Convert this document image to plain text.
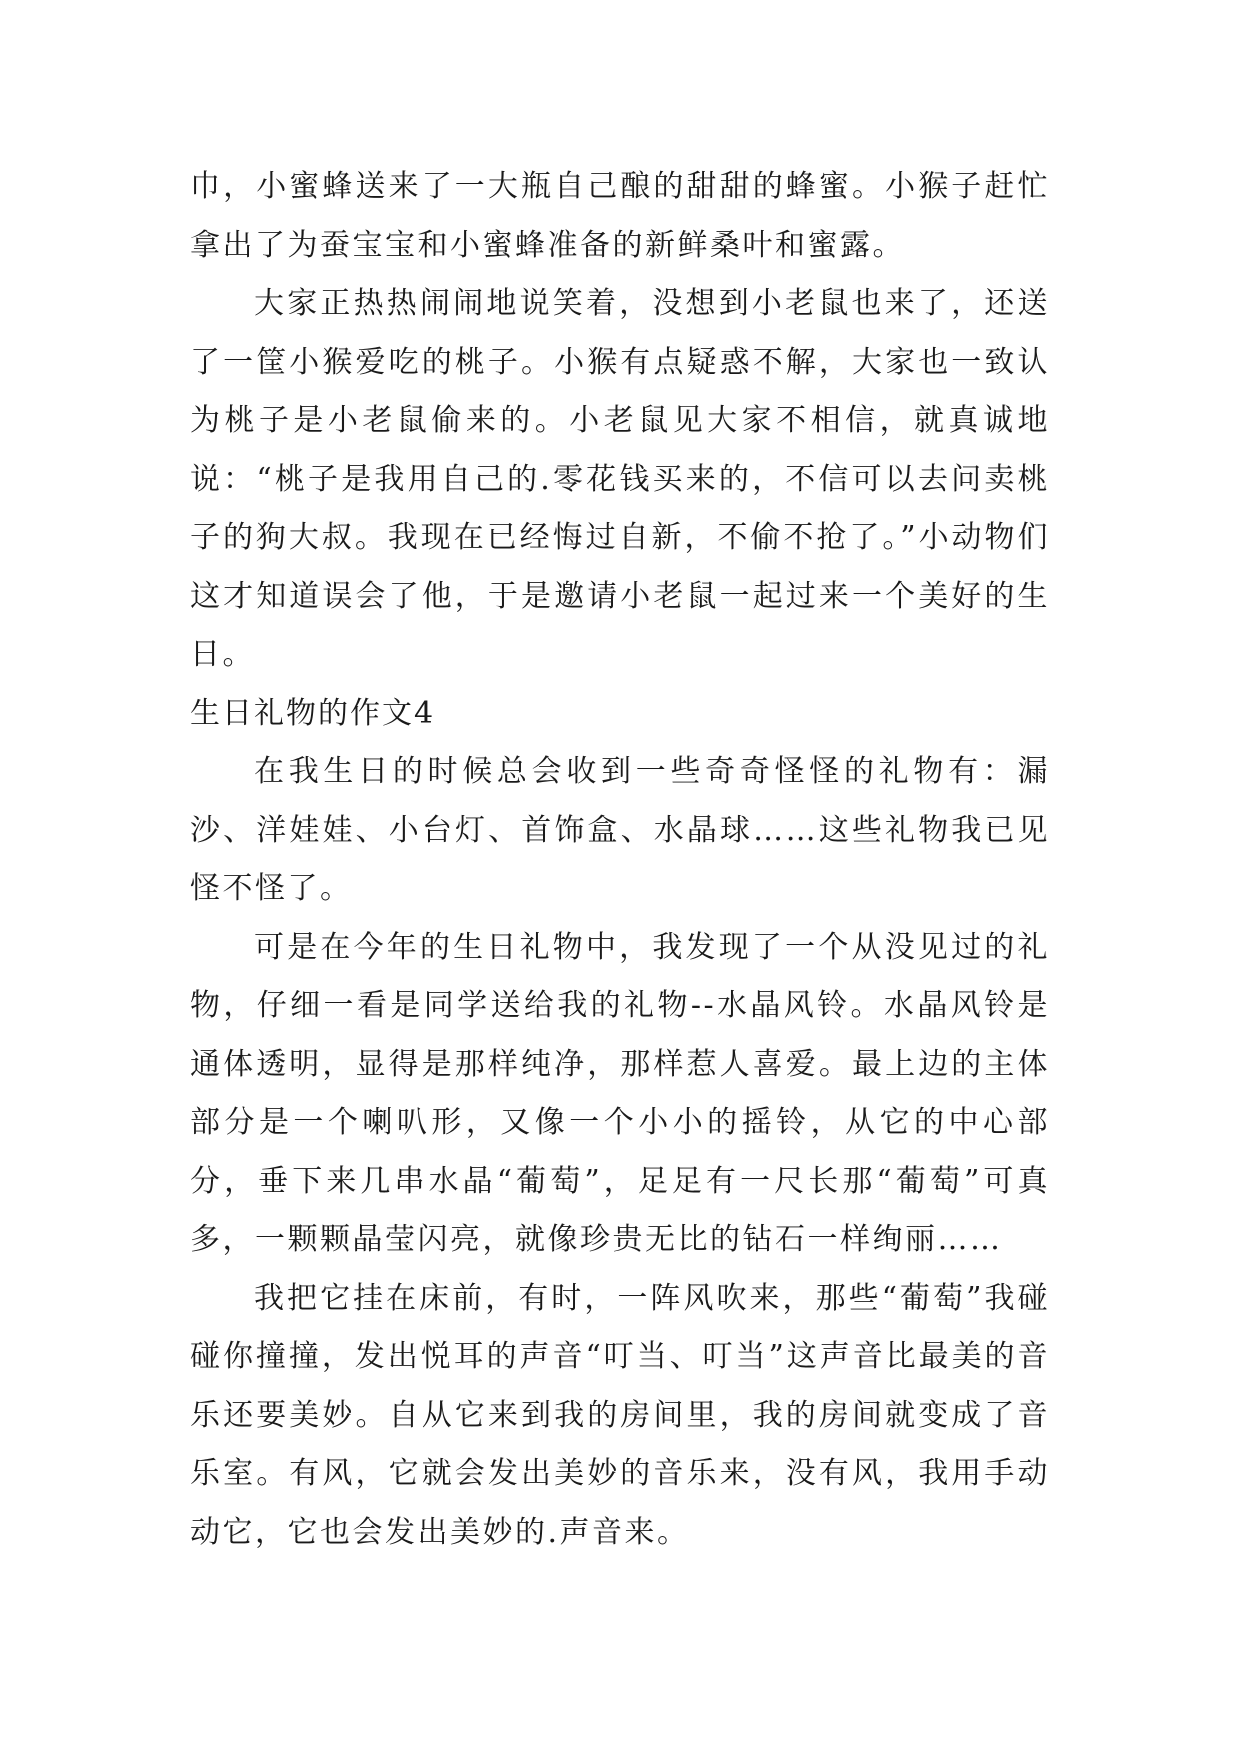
巾，小蜜蜂送来了一大瓶自己酿的甜甜的蜂蜜。小猴子赶忙拿出了为蚕宝宝和小蜜蜂准备的新鲜桑叶和蜜露。

大家正热热闹闹地说笑着，没想到小老鼠也来了，还送了一筐小猴爱吃的桃子。小猴有点疑惑不解，大家也一致认为桃子是小老鼠偷来的。小老鼠见大家不相信，就真诚地说：“桃子是我用自己的.零花钱买来的，不信可以去问卖桃子的狗大叔。我现在已经悔过自新，不偷不抢了。”小动物们这才知道误会了他，于是邀请小老鼠一起过来一个美好的生日。

生日礼物的作文4

在我生日的时候总会收到一些奇奇怪怪的礼物有：漏沙、洋娃娃、小台灯、首饰盒、水晶球……这些礼物我已见怪不怪了。

可是在今年的生日礼物中，我发现了一个从没见过的礼物，仔细一看是同学送给我的礼物--水晶风铃。水晶风铃是通体透明，显得是那样纯净，那样惹人喜爱。最上边的主体部分是一个喇叭形，又像一个小小的摇铃，从它的中心部分，垂下来几串水晶“葡萄”，足足有一尺长那“葡萄”可真多，一颗颗晶莹闪亮，就像珍贵无比的钻石一样绚丽……

我把它挂在床前，有时，一阵风吹来，那些“葡萄”我碰碰你撞撞，发出悦耳的声音“叮当、叮当”这声音比最美的音乐还要美妙。自从它来到我的房间里，我的房间就变成了音乐室。有风，它就会发出美妙的音乐来，没有风，我用手动动它，它也会发出美妙的.声音来。
